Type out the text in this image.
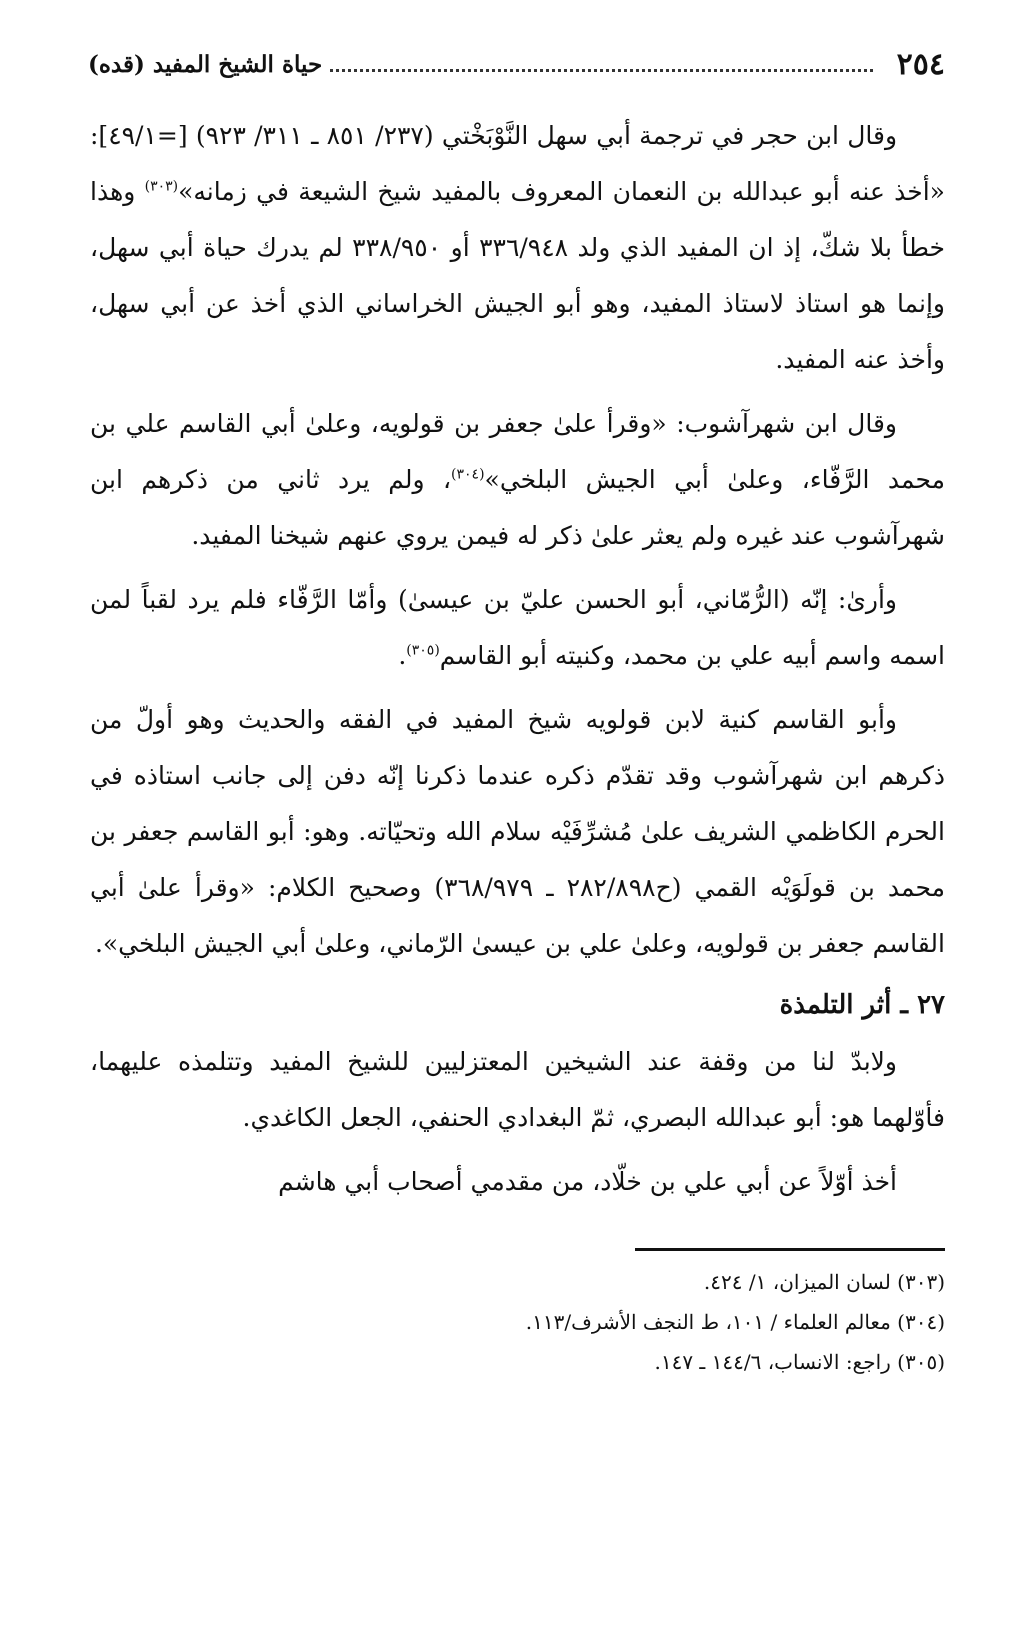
٢٥٤
حياة الشيخ المفيد (قده)

وقال ابن حجر في ترجمة أبي سهل النَّوْبَخْتي (٢٣٧/ ٨٥١ ـ ٣١١/ ٩٢٣) [=٤٩/١]: «أخذ عنه أبو عبدالله بن النعمان المعروف بالمفيد شيخ الشيعة في زمانه»$^{(٣٠٣)}$ وهذا خطأ بلا شكّ، إذ ان المفيد الذي ولد ٣٣٦/٩٤٨ أو ٣٣٨/٩٥٠ لم يدرك حياة أبي سهل، وإنما هو استاذ لاستاذ المفيد، وهو أبو الجيش الخراساني الذي أخذ عن أبي سهل، وأخذ عنه المفيد.

وقال ابن شهرآشوب: «وقرأ علىٰ جعفر بن قولويه، وعلىٰ أبي القاسم علي بن محمد الرَّفّاء، وعلىٰ أبي الجيش البلخي»$^{(٣٠٤)}$، ولم يرد ثاني من ذكرهم ابن شهرآشوب عند غيره ولم يعثر علىٰ ذكر له فيمن يروي عنهم شيخنا المفيد.

وأرىٰ: إنّه (الرُّمّاني، أبو الحسن عليّ بن عيسىٰ) وأمّا الرَّفّاء فلم يرد لقباً لمن اسمه واسم أبيه علي بن محمد، وكنيته أبو القاسم$^{(٣٠٥)}$.

وأبو القاسم كنية لابن قولويه شيخ المفيد في الفقه والحديث وهو أولّ من ذكرهم ابن شهرآشوب وقد تقدّم ذكره عندما ذكرنا إنّه دفن إلى جانب استاذه في الحرم الكاظمي الشريف علىٰ مُشرِّفَيْه سلام الله وتحيّاته. وهو: أبو القاسم جعفر بن محمد بن قولَوَيْه القمي (ح٢٨٢/٨٩٨ ـ ٣٦٨/٩٧٩) وصحيح الكلام: «وقرأ علىٰ أبي القاسم جعفر بن قولويه، وعلىٰ علي بن عيسىٰ الرّماني، وعلىٰ أبي الجيش البلخي».

٢٧ ـ أثر التلمذة

ولابدّ لنا من وقفة عند الشيخين المعتزليين للشيخ المفيد وتتلمذه عليهما، فأوّلهما هو: أبو عبدالله البصري، ثمّ البغدادي الحنفي، الجعل الكاغدي.

أخذ أوّلاً عن أبي علي بن خلّاد، من مقدمي أصحاب أبي هاشم

(٣٠٣) لسان الميزان، ١/ ٤٢٤.

(٣٠٤) معالم العلماء / ١٠١، ط النجف الأشرف/١١٣.

(٣٠٥) راجع: الانساب، ١٤٤/٦ ـ ١٤٧.
